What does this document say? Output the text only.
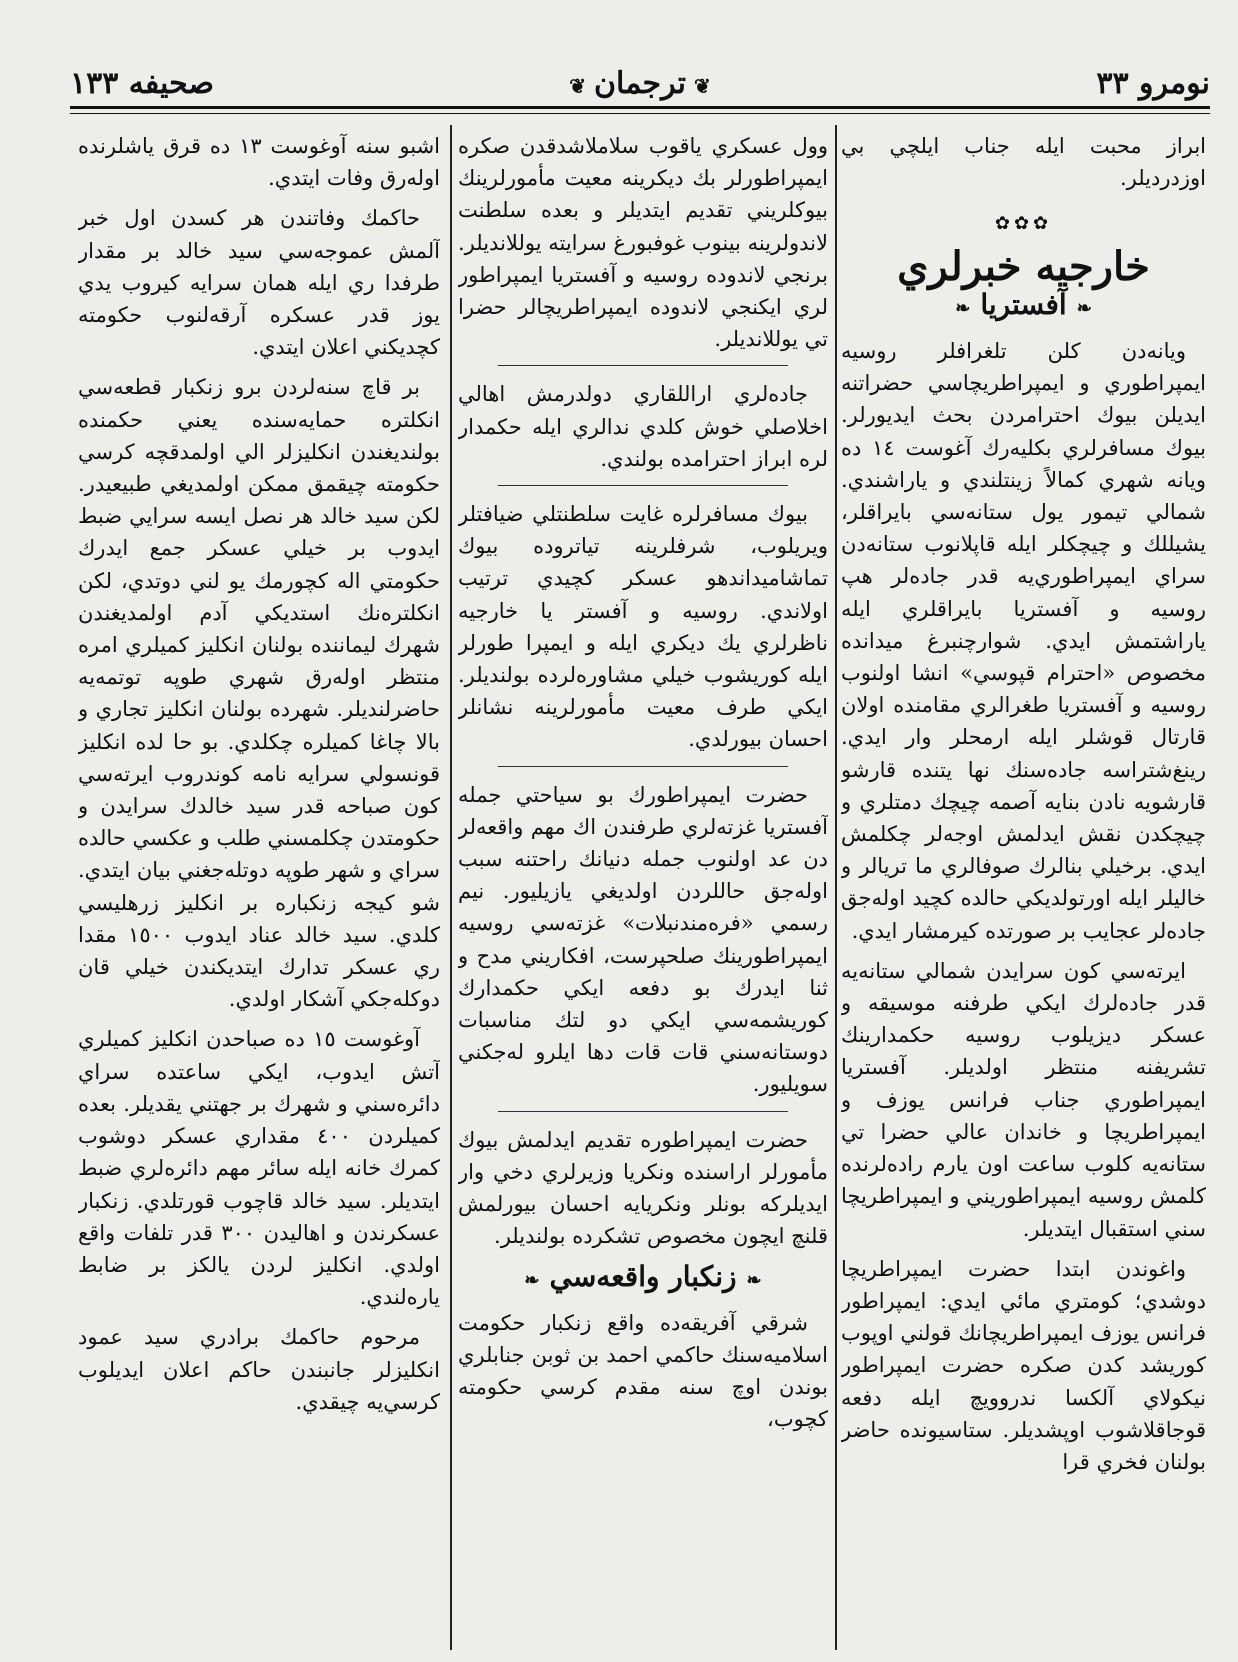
نومرو ٣٣
❦ترجمان❦
صحيفه ١٣٣
ابراز محبت ايله جناب ايلچي بي اوزدرديلر.
✿✿✿
خارجيه خبرلري
❧آفستريا❧
ويانه‌دن كلن تلغرافلر روسيه ايمپراطوري و ايمپراطريچاسي حضراتنه ايديلن بيوك احترامردن بحث ايديورلر. بيوك مسافرلري بكليه‌رك آغوست ١٤ ده ويانه شهري كمالاً زينتلندي و ياراشندي. شمالي تيمور يول ستانه‌سي بايراقلر، يشيللك و چيچكلر ايله قا‌پلانوب ستانه‌دن سراي ايمپراطوري‌يه قدر جاده‌لر هپ روسيه و آفستريا بايراقلري ايله ياراشتمش ايدي. شوارچنبرغ ميدانده مخصوص «احترام قپوسي» انشا اولنوب روسيه و آفستريا طغرالري مقامنده اولان قارتال قوشلر ايله ارمحلر وار ايدي. رينغ‌شتراسه جاده‌سنك نها يتنده قارشو قارشويه نادن بنايه آصمه چيچك دمتلري و چيچكدن نقش ايدلمش اوجه‌لر چكلمش ايدي. برخيلي بنالرك صوفالري ما تريالر و خاليلر ايله اورتولديكي حالده كچيد اوله‌جق جاده‌لر عجايب بر صورتده كيرمشار ايدي.
ايرته‌سي كون سرايدن شمالي ستانه‌يه قدر جاده‌لرك ايكي طرفنه موسيقه و عسكر ديزيلوب روسيه حكمدارينك تشريفنه منتظر اولديلر. آفستريا ايمپراطوري جناب فرانس يوزف و ايمپراطريچا و خاندان عالي حضرا تي ستانه‌يه كلوب ساعت اون يارم راده‌لرنده كلمش روسيه ايمپراطوريني و ايمپراطريچا سني استقبال ايتديلر.
واغوندن ابتدا حضرت ايمپراطريچا دو‌شدي؛ كومتري مائي ايدي: ايمپراطور فرانس يوزف ايمپراطريچانك قولني اوپوب كوريشد كدن صكره حضرت ايمپراطور نيكولاي آلكسا ندروويچ ايله دفعه قوجاقلاشوب او‌پشديلر. ستاسيونده حاضر بولنان فخري قرا
وول عسكري ياقوب سلاملاشدقدن صكره ايمپراطورلر بك ديكرينه معيت مأمورلرينك بيوكلريني تقديم ايتديلر و بعده سلطنت لاندولرينه بينوب غوفبورغ سرايته يوللانديلر. برنجي لاندوده روسيه و آفستريا ايمپراطور لري ايكنجي لاندوده ايمپراطريچالر حضرا تي يوللانديلر.
جاده‌لري اراللقاري دولدرمش اهالي اخلاصلي خوش كلدي ندالري ايله حكمدار لره ابراز احترامده بولندي.
بيوك مسافرلره غايت سلطنتلي ضيافتلر ويريلوب، شرفلرينه تياتروده بيوك تماشاميداندهو عسكر كچيدي ترتيب اولاندي. روسيه و آفستر يا خارجيه ناظرلري يك ديكري ايله و ايمپرا طورلر ايله كوريشوب خيلي مشاوره‌لرده بولنديلر. ايكي طرف معيت مأمورلرينه نشانلر احسان بيورلدي.
حضرت ايمپراطورك بو سياحتي جمله آفستريا غزته‌لري طرفندن اك مهم واقعه‌لر دن عد اولنوب جمله دنيانك راحتنه سبب اوله‌جق حاللردن اولديغي يازيليور. نيم رسمي «فره‌مندنبلات» غزته‌سي روسيه ايمپراطورينك صلحپرست، افكاريني مدح و ثنا ايدرك بو دفعه ايكي حكمدارك كوريشمه‌سي ايكي دو لتك مناسبات دوستانه‌سني قات قات دها ايلرو له‌جكني سويليور.
حضرت ايمپراطوره تقديم ايدلمش بيوك مأمورلر اراسنده ونكريا وزيرلري دخي وار ايديلركه بونلر ونكريايه احسان بيورلمش قلنچ ايچون مخصوص تشكرده بولنديلر.
❧زنكبار واقعه‌سي❧
شرقي آفريقه‌ده واقع زنكبار حكومت اسلاميه‌سنك حاكمي احمد بن ثوبن جنابلري بوندن اوچ سنه مقدم كرسي حكومته كچوب،
اشبو سنه آوغوست ١٣ ده قرق ياشلرنده اوله‌رق وفات ايتدي.
حاكمك وفاتندن هر كسدن اول خبر آلمش عموجه‌سي سيد خالد بر مقدار طرفدا ري ايله همان سرايه كيروب يدي يوز قدر عسكره آرقه‌لنوب حكومته كچديكني اعلان ايتدي.
بر قاچ سنه‌لردن برو زنكبار قطعه‌سي انكلتره حمايه‌سنده يعني حكمنده بولنديغندن انكليزلر الي اولمدقچه كرسي حكومته چيقمق ممكن اولمديغي طبيعيدر. لكن سيد خالد هر نصل ايسه سرايي ضبط ايدوب بر خيلي عسكر جمع ايدرك حكومتي اله كچورمك يو لني دوتدي، لكن انكلتره‌نك استديكي آدم اولمديغندن شهرك ليماننده بولنان انكليز كميلري امره منتظر اوله‌رق شهري طوپه توتمه‌يه حاضرلنديلر. شهرده بولنان انكليز تجاري و بالا چاغا كميلره چكلدي. بو حا لده انكليز قونسولي سرايه نامه كوندروب ايرته‌سي كون صباحه قدر سيد خالدك سرايدن و حكومتدن چكلمسني طلب و عكسي حالده سراي و شهر طوپه دوتله‌جغني بيان ايتدي. شو كيجه زنكباره بر انكليز زرهليسي كلدي. سيد خالد عناد ايدوب ١٥٠٠ مقدا ري عسكر تدارك ايتديكندن خيلي قان دو‌كله‌جكي آشكار اولدي.
آوغوست ١٥ ده صباحدن انكليز كميلري آتش ايدوب، ايكي ساعتده سراي دائره‌سني و شهرك بر جهتني يقديلر. بعده كميلردن ٤٠٠ مقداري عسكر دوشوب كمرك خانه ايله سائر مهم دائره‌لري ضبط ايتديلر. سيد خالد قاچوب قورتلدي. زنكبار عسكرندن و اهاليدن ٣٠٠ قدر تلفات واقع اولدي. انكليز لردن يالكز بر ضابط ياره‌لندي.
مرحوم حاكمك برادري سيد عمود انكليزلر جانبندن حاكم اعلان ايديلوب كرسي‌يه چيقدي.
